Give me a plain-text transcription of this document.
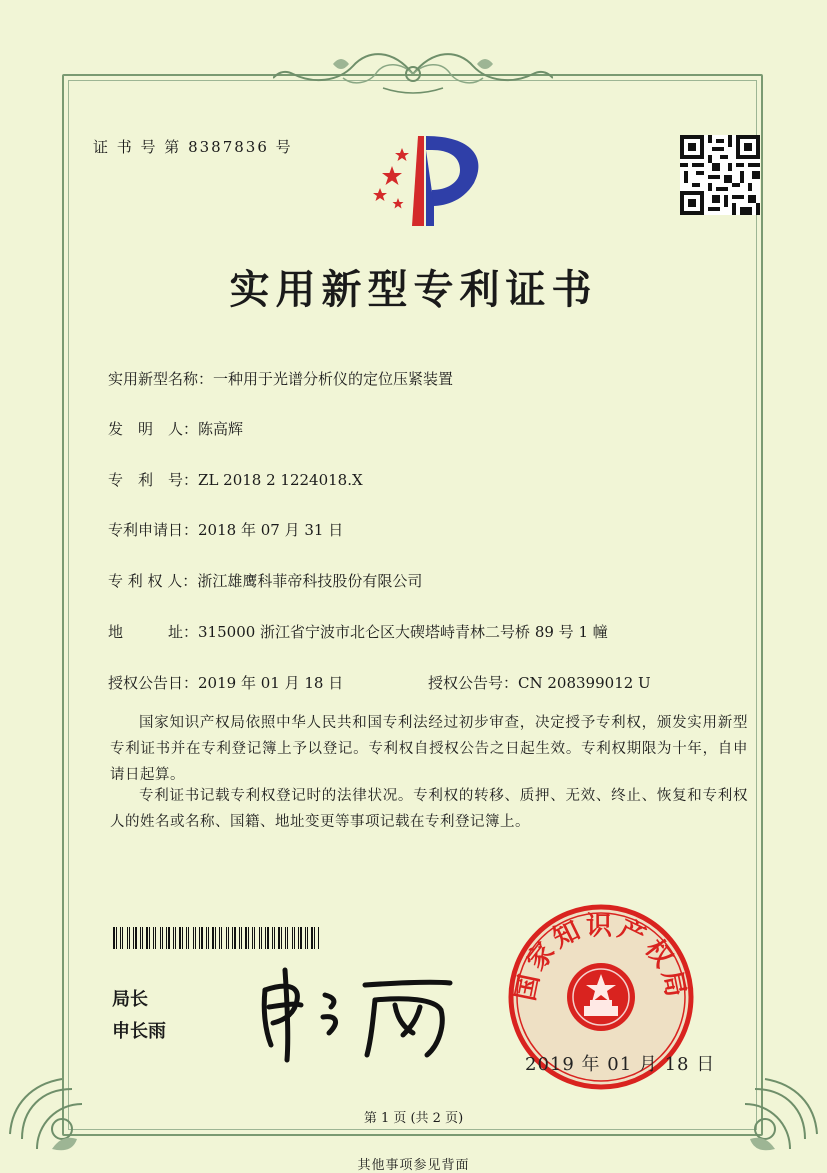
证 书 号 第 8387836 号
实用新型专利证书
实用新型名称：一种用于光谱分析仪的定位压紧装置
发　明　人：陈高辉
专　利　号：ZL 2018 2 1224018.X
专利申请日：2018 年 07 月 31 日
专 利 权 人：浙江雄鹰科菲帝科技股份有限公司
地　　　址：315000 浙江省宁波市北仑区大碶塔峙青林二号桥 89 号 1 幢
授权公告日：2019 年 01 月 18 日	授权公告号：CN 208399012 U
国家知识产权局依照中华人民共和国专利法经过初步审查，决定授予专利权，颁发实用新型专利证书并在专利登记簿上予以登记。专利权自授权公告之日起生效。专利权期限为十年，自申请日起算。
专利证书记载专利权登记时的法律状况。专利权的转移、质押、无效、终止、恢复和专利权人的姓名或名称、国籍、地址变更等事项记载在专利登记簿上。
局长
申长雨
国家知识产权局
2019 年 01 月 18 日
第 1 页 (共 2 页)
其他事项参见背面
